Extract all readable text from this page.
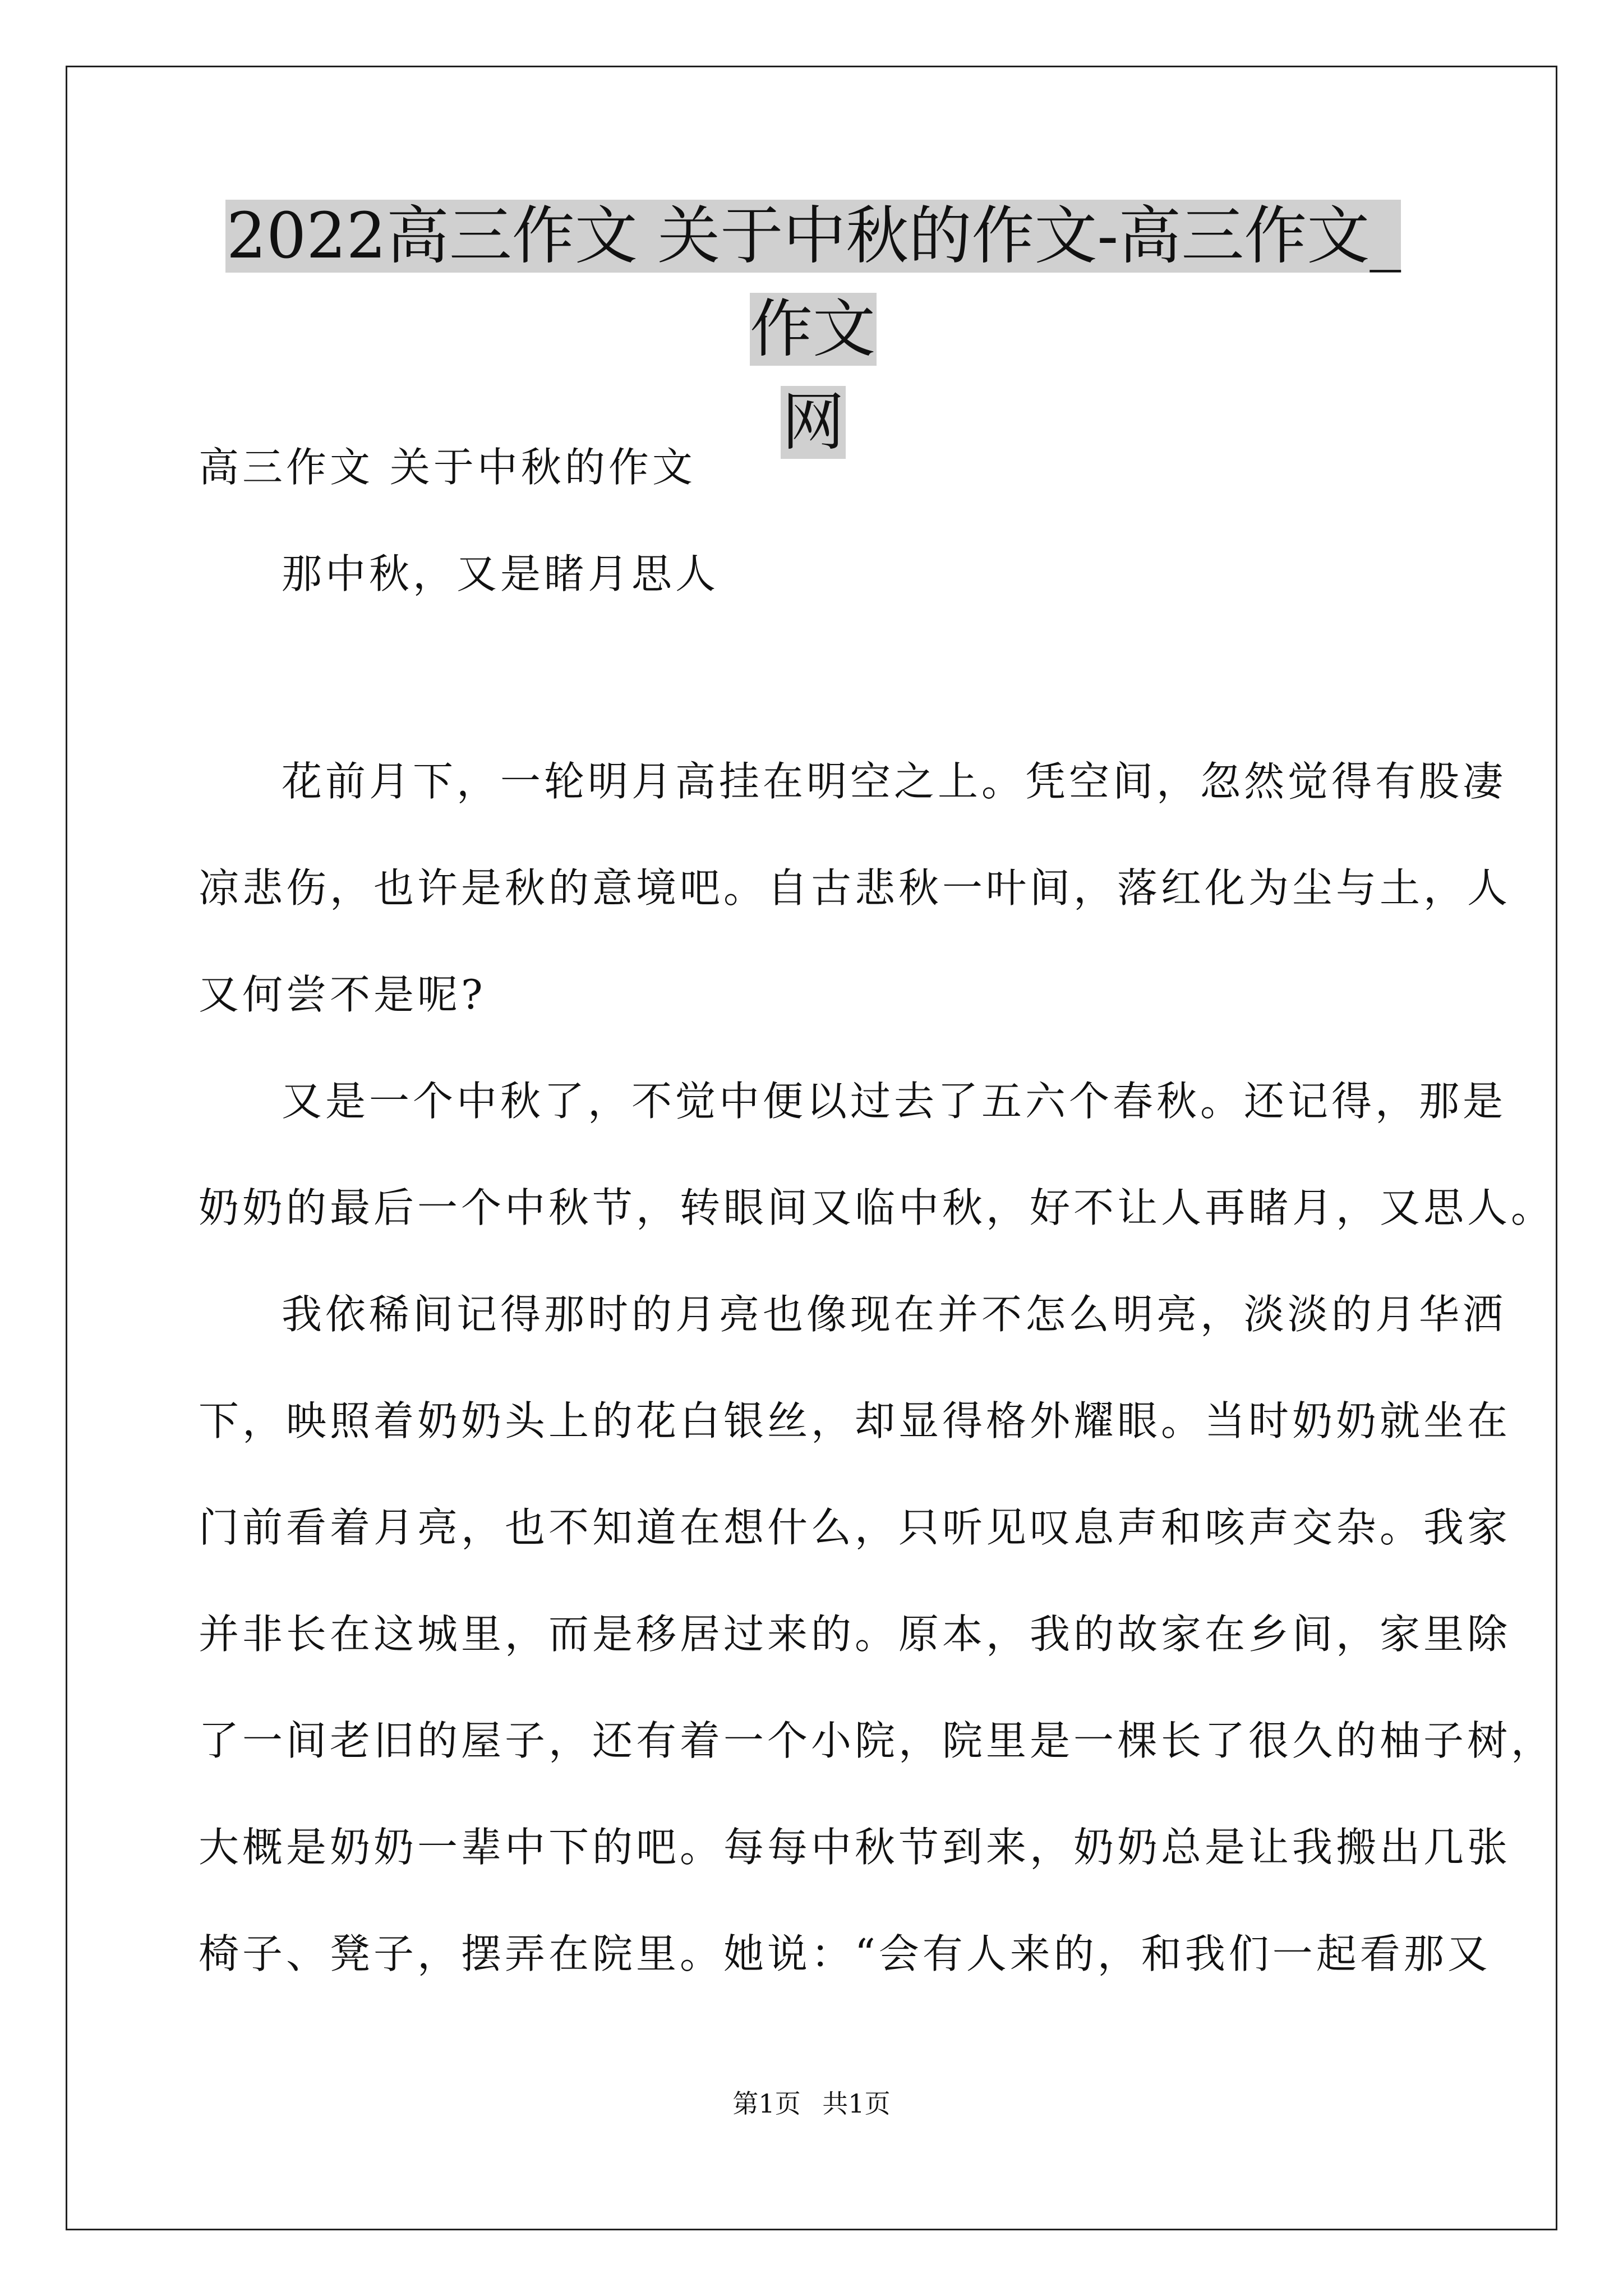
2022高三作文 关于中秋的作文-高三作文_作文
网

高三作文 关于中秋的作文

那中秋，又是睹月思人

花前月下，一轮明月高挂在明空之上。凭空间，忽然觉得有股凄

凉悲伤，也许是秋的意境吧。自古悲秋一叶间，落红化为尘与土，人

又何尝不是呢?

又是一个中秋了，不觉中便以过去了五六个春秋。还记得，那是

奶奶的最后一个中秋节，转眼间又临中秋，好不让人再睹月，又思人。

我依稀间记得那时的月亮也像现在并不怎么明亮，淡淡的月华洒

下，映照着奶奶头上的花白银丝，却显得格外耀眼。当时奶奶就坐在

门前看着月亮，也不知道在想什么，只听见叹息声和咳声交杂。我家

并非长在这城里，而是移居过来的。原本，我的故家在乡间，家里除

了一间老旧的屋子，还有着一个小院，院里是一棵长了很久的柚子树，

大概是奶奶一辈中下的吧。每每中秋节到来，奶奶总是让我搬出几张

椅子、凳子，摆弄在院里。她说：“会有人来的，和我们一起看那又

第1页 共1页
